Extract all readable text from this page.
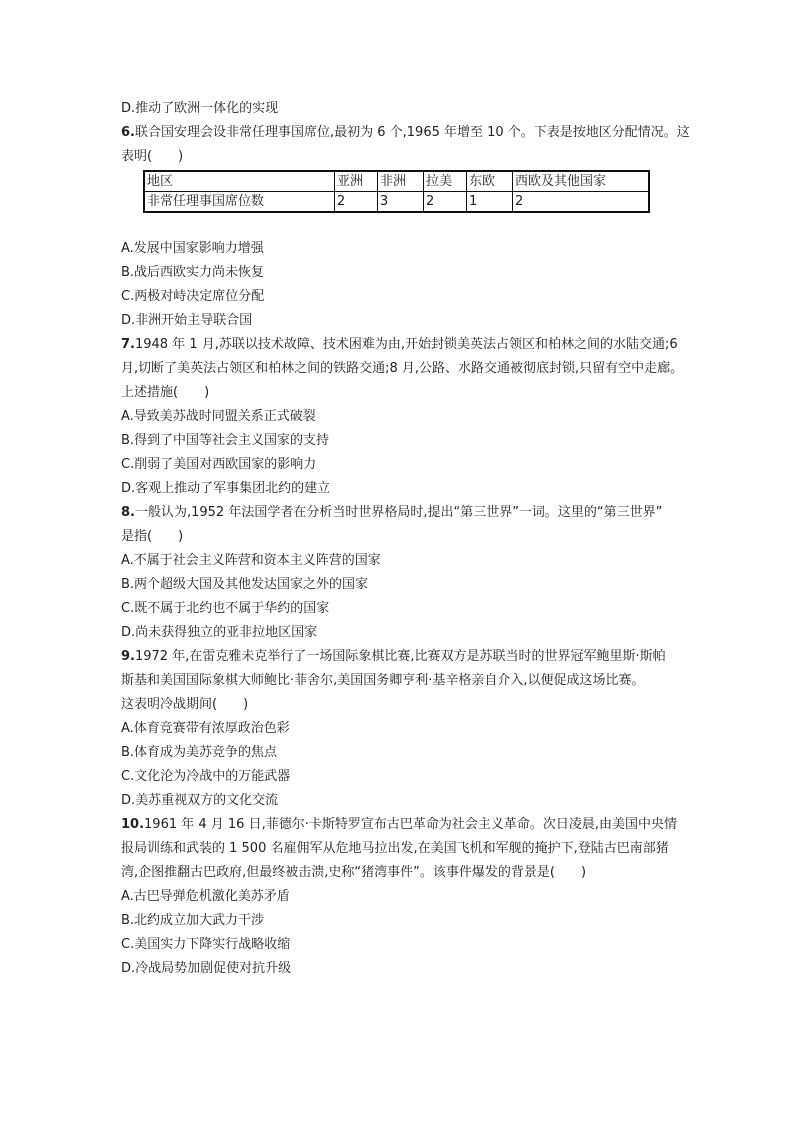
D.推动了欧洲一体化的实现
6.联合国安理会设非常任理事国席位,最初为 6 个,1965 年增至 10 个。下表是按地区分配情况。这
表明(　　)
地区	亚洲	非洲	拉美	东欧	西欧及其他国家
非常任理事国席位数	2	3	2	1	2
A.发展中国家影响力增强
B.战后西欧实力尚未恢复
C.两极对峙决定席位分配
D.非洲开始主导联合国
7.1948 年 1 月,苏联以技术故障、技术困难为由,开始封锁美英法占领区和柏林之间的水陆交通;6
月,切断了美英法占领区和柏林之间的铁路交通;8 月,公路、水路交通被彻底封锁,只留有空中走廊。
上述措施(　　)
A.导致美苏战时同盟关系正式破裂
B.得到了中国等社会主义国家的支持
C.削弱了美国对西欧国家的影响力
D.客观上推动了军事集团北约的建立
8.一般认为,1952 年法国学者在分析当时世界格局时,提出“第三世界”一词。这里的“第三世界”
是指(　　)
A.不属于社会主义阵营和资本主义阵营的国家
B.两个超级大国及其他发达国家之外的国家
C.既不属于北约也不属于华约的国家
D.尚未获得独立的亚非拉地区国家
9.1972 年,在雷克雅未克举行了一场国际象棋比赛,比赛双方是苏联当时的世界冠军鲍里斯·斯帕
斯基和美国国际象棋大师鲍比·菲舍尔,美国国务卿亨利·基辛格亲自介入,以便促成这场比赛。
这表明冷战期间(　　)
A.体育竞赛带有浓厚政治色彩
B.体育成为美苏竞争的焦点
C.文化沦为冷战中的万能武器
D.美苏重视双方的文化交流
10.1961 年 4 月 16 日,菲德尔·卡斯特罗宣布古巴革命为社会主义革命。次日凌晨,由美国中央情
报局训练和武装的 1 500 名雇佣军从危地马拉出发,在美国飞机和军舰的掩护下,登陆古巴南部猪
湾,企图推翻古巴政府,但最终被击溃,史称“猪湾事件”。该事件爆发的背景是(　　)
A.古巴导弹危机激化美苏矛盾
B.北约成立加大武力干涉
C.美国实力下降实行战略收缩
D.冷战局势加剧促使对抗升级
